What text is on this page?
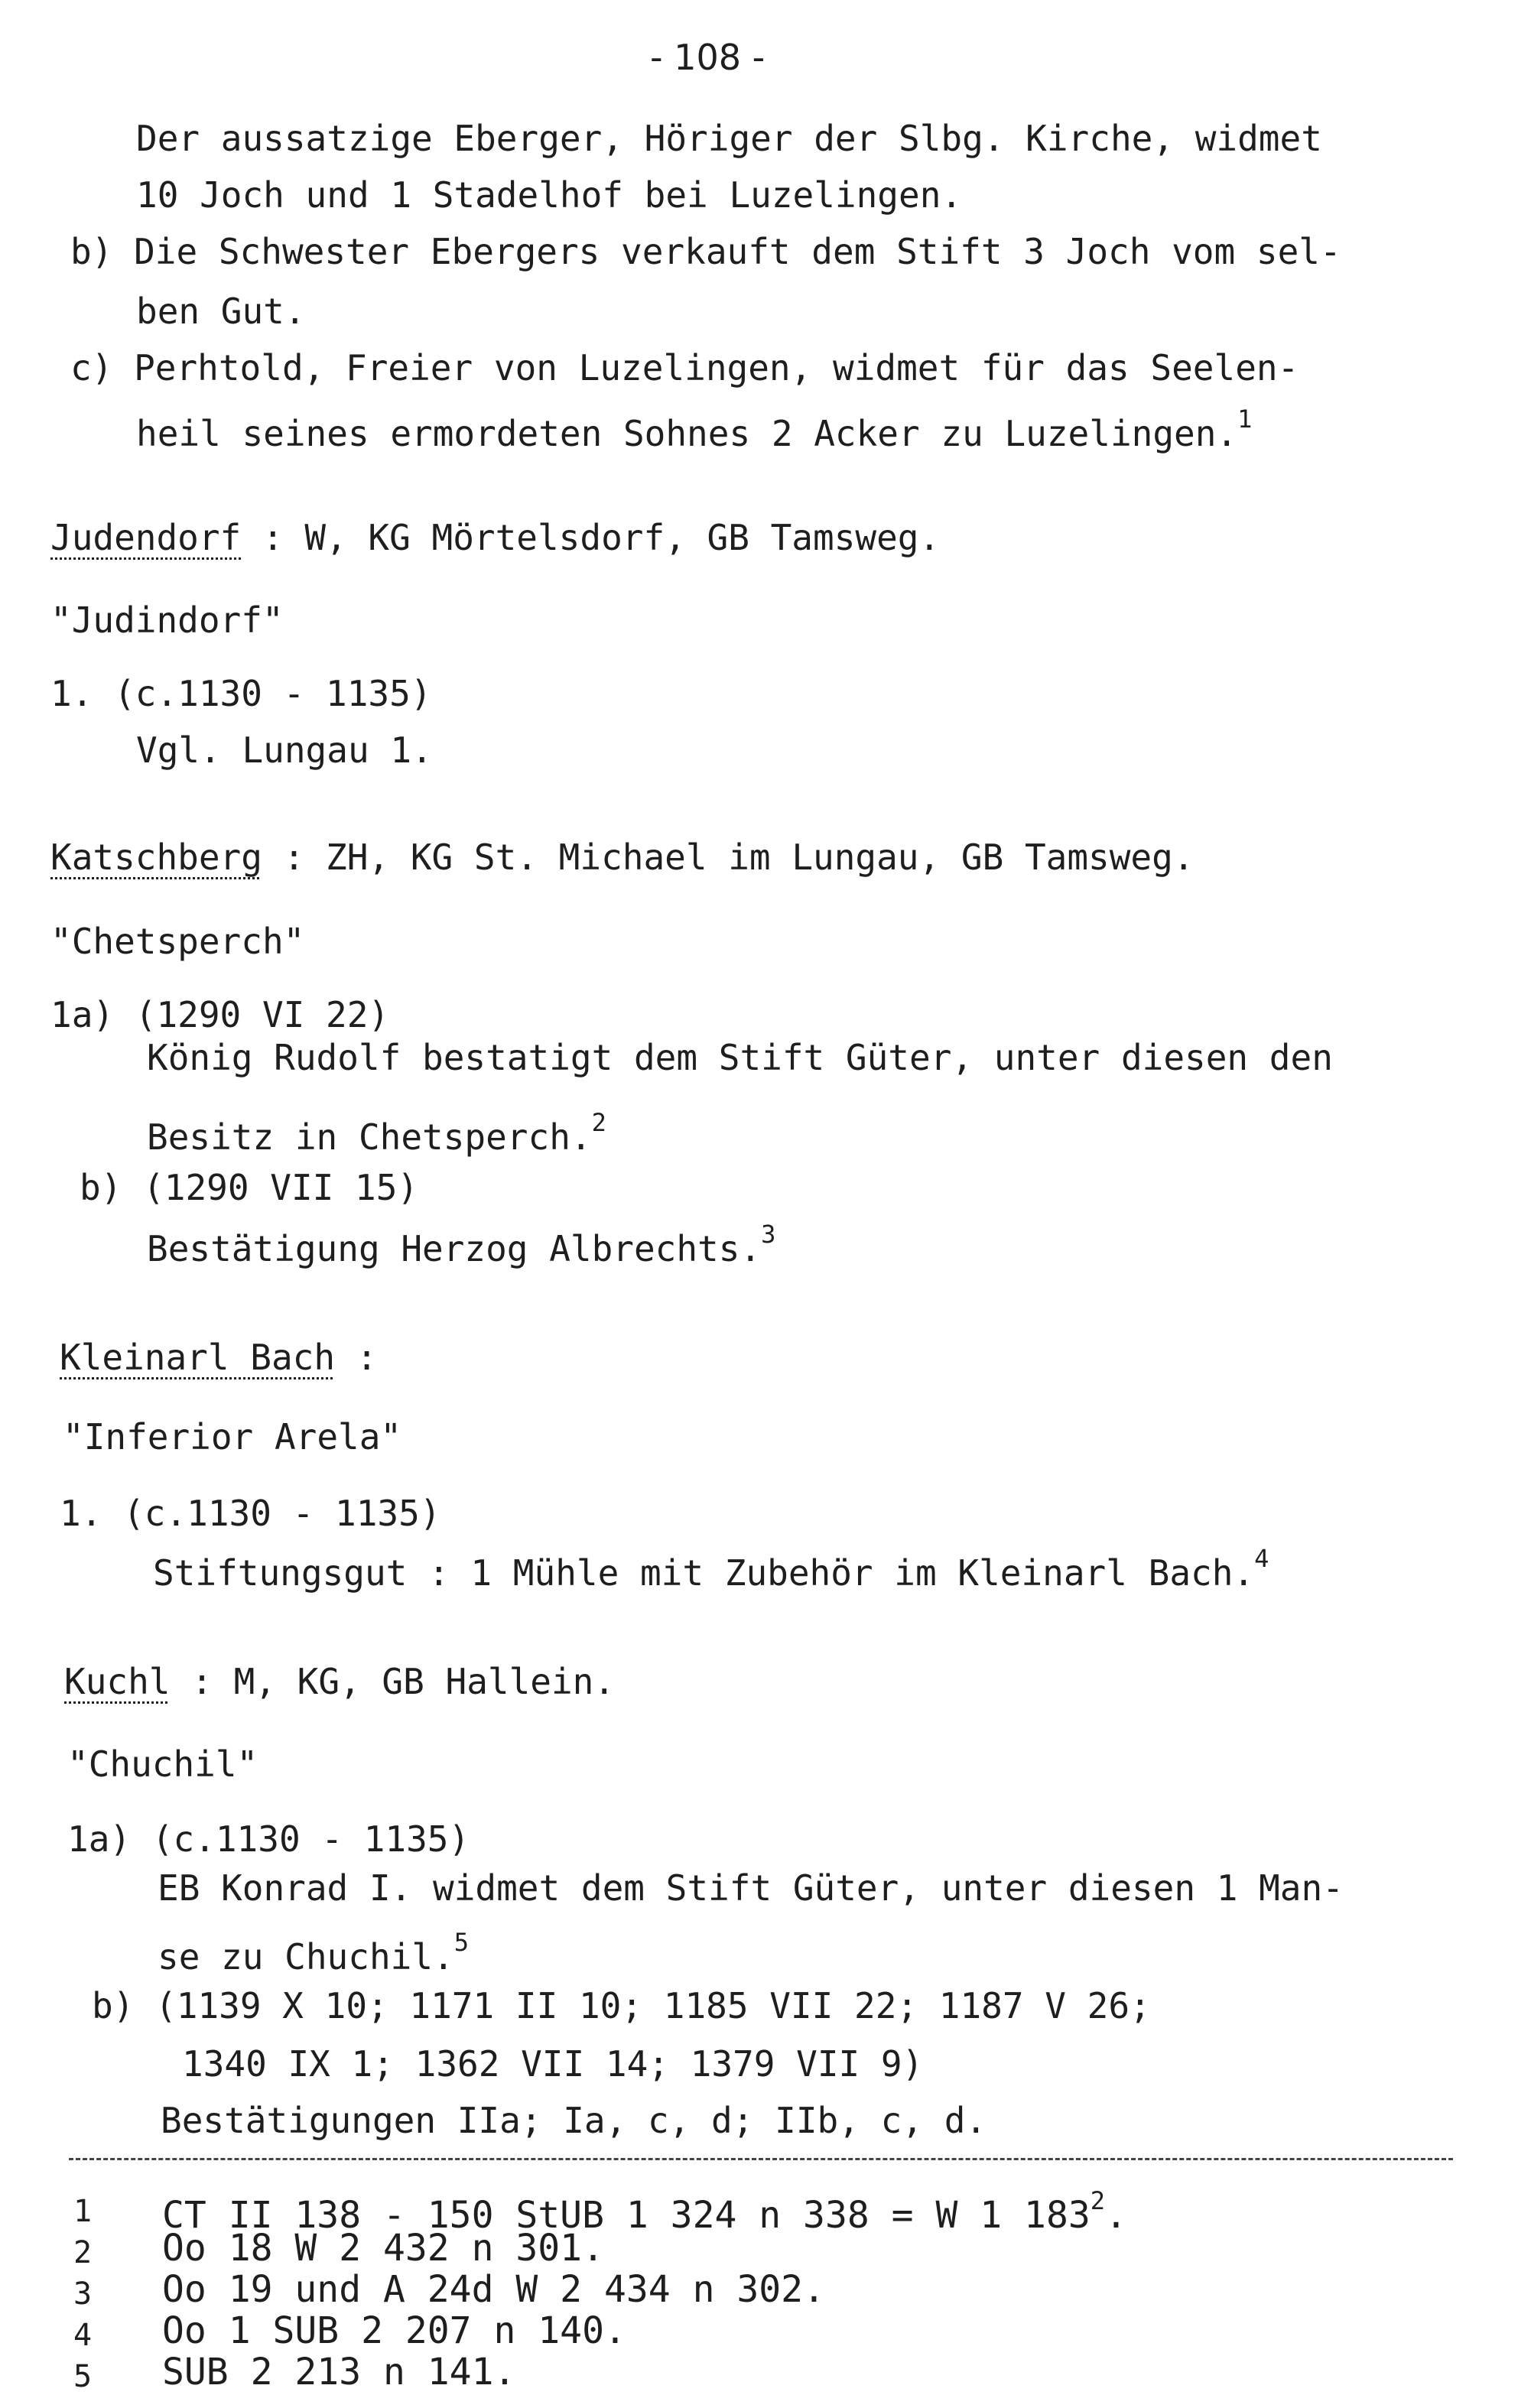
- 108 -
Der aussatzige Eberger, Höriger der Slbg. Kirche, widmet
10 Joch und 1 Stadelhof bei Luzelingen.
b) Die Schwester Ebergers verkauft dem Stift 3 Joch vom sel-
ben Gut.
c) Perhtold, Freier von Luzelingen, widmet für das Seelen-
heil seines ermordeten Sohnes 2 Acker zu Luzelingen.$^1$
Judendorf : W, KG Mörtelsdorf, GB Tamsweg.
"Judindorf"
1. (c.1130 - 1135)
Vgl. Lungau 1.
Katschberg : ZH, KG St. Michael im Lungau, GB Tamsweg.
"Chetsperch"
1a) (1290 VI 22)
König Rudolf bestatigt dem Stift Güter, unter diesen den
Besitz in Chetsperch.$^2$
b) (1290 VII 15)
Bestätigung Herzog Albrechts.$^3$
Kleinarl Bach :
"Inferior Arela"
1. (c.1130 - 1135)
Stiftungsgut : 1 Mühle mit Zubehör im Kleinarl Bach.$^4$
Kuchl : M, KG, GB Hallein.
"Chuchil"
1a) (c.1130 - 1135)
EB Konrad I. widmet dem Stift Güter, unter diesen 1 Man-
se zu Chuchil.$^5$
b) (1139 X 10; 1171 II 10; 1185 VII 22; 1187 V 26;
1340 IX 1; 1362 VII 14; 1379 VII 9)
Bestätigungen IIa; Ia, c, d; IIb, c, d.
1 CT II 138 - 150 StUB 1 324 n 338 = W 1 $183^2$.
2 Oo 18 W 2 432 n 301.
3 Oo 19 und A 24d W 2 434 n 302.
4 Oo 1 SUB 2 207 n 140.
5 SUB 2 213 n 141.
